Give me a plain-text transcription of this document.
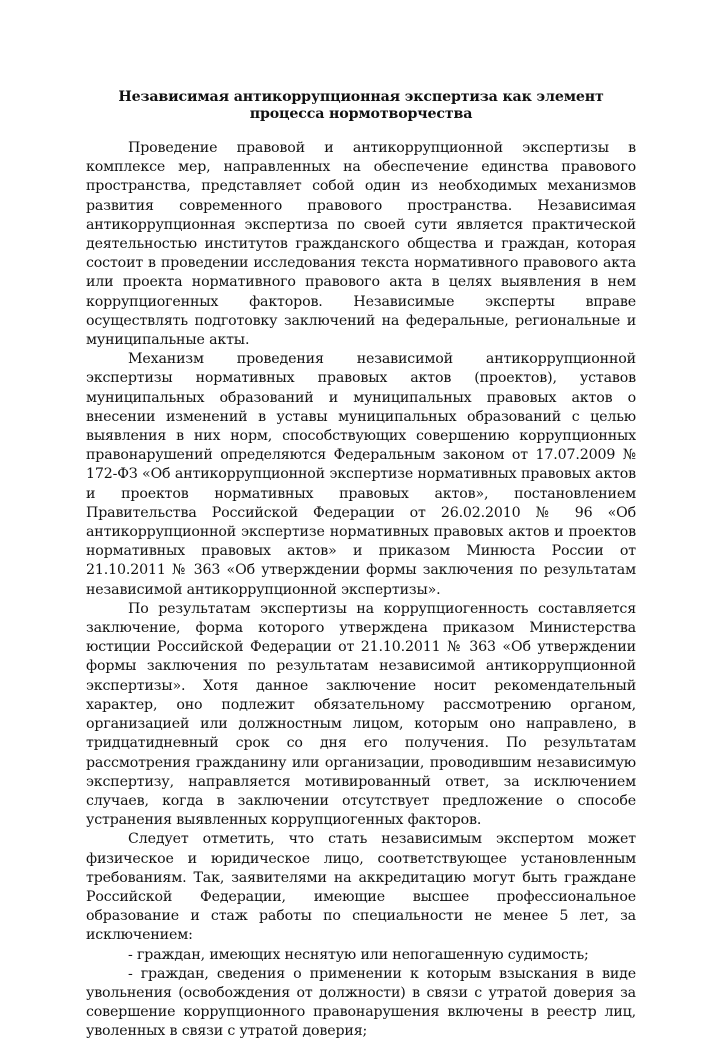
Независимая антикоррупционная экспертиза как элемент процесса нормотворчества

Проведение правовой и антикоррупционной экспертизы в комплексе мер, направленных на обеспечение единства правового пространства, представляет собой один из необходимых механизмов развития современного правового пространства. Независимая антикоррупционная экспертиза по своей сути является практической деятельностью институтов гражданского общества и граждан, которая состоит в проведении исследования текста нормативного правового акта или проекта нормативного правового акта в целях выявления в нем коррупциогенных факторов. Независимые эксперты вправе осуществлять подготовку заключений на федеральные, региональные и муниципальные акты.

Механизм проведения независимой антикоррупционной экспертизы нормативных правовых актов (проектов), уставов муниципальных образований и муниципальных правовых актов о внесении изменений в уставы муниципальных образований с целью выявления в них норм, способствующих совершению коррупционных правонарушений определяются Федеральным законом от 17.07.2009 № 172-ФЗ «Об антикоррупционной экспертизе нормативных правовых актов и проектов нормативных правовых актов», постановлением Правительства Российской Федерации от 26.02.2010 № 96 «Об антикоррупционной экспертизе нормативных правовых актов и проектов нормативных правовых актов» и приказом Минюста России от 21.10.2011 № 363 «Об утверждении формы заключения по результатам независимой антикоррупционной экспертизы».

По результатам экспертизы на коррупциогенность составляется заключение, форма которого утверждена приказом Министерства юстиции Российской Федерации от 21.10.2011 № 363 «Об утверждении формы заключения по результатам независимой антикоррупционной экспертизы». Хотя данное заключение носит рекомендательный характер, оно подлежит обязательному рассмотрению органом, организацией или должностным лицом, которым оно направлено, в тридцатидневный срок со дня его получения. По результатам рассмотрения гражданину или организации, проводившим независимую экспертизу, направляется мотивированный ответ, за исключением случаев, когда в заключении отсутствует предложение о способе устранения выявленных коррупциогенных факторов.

Следует отметить, что стать независимым экспертом может физическое и юридическое лицо, соответствующее установленным требованиям. Так, заявителями на аккредитацию могут быть граждане Российской Федерации, имеющие высшее профессиональное образование и стаж работы по специальности не менее 5 лет, за исключением:

- граждан, имеющих неснятую или непогашенную судимость;

- граждан, сведения о применении к которым взыскания в виде увольнения (освобождения от должности) в связи с утратой доверия за совершение коррупционного правонарушения включены в реестр лиц, уволенных в связи с утратой доверия;
